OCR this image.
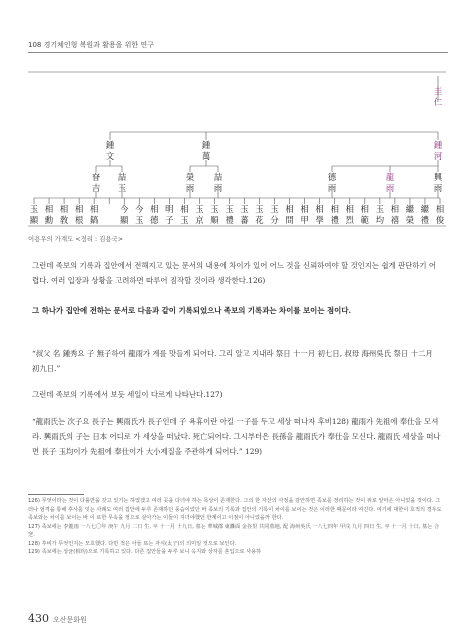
108 경기체인형 복원과 활용을 위한 연구
圭
仁
鍾
文
鍾
萬
鍾
河
眘
吉
喆
玉
榮
雨
喆
雨
德
雨
龍
雨
興
雨
玉
顯
相
勳
相
敎
相
根
相
鎬
今
顯
今
玉
相
德
明
子
相
玉
玉
京
玉
順
玉
禮
玉
蕃
玉
花
玉
分
相
問
相
甲
相
學
相
禮
相
烈
相
範
玉
均
相
禧
繼
榮
繼
禮
相
俊
이용우의 가계도 <정리 : 김용국>
그런데 족보의 기록과 집안에서 전해지고 있는 문서의 내용에 차이가 있어 어느 것을 신뢰하여야 할 것인지는 쉽게 판단하기 어렵다. 여러 입장과 상황을 고려하면 따루어 짐작할 것이라 생각한다.126)
그 하나가 집안에 전하는 문서로 다음과 같이 기록되었으나 족보의 기록과는 차이를 보이는 점이다.
“叔父 名 鍾秀요 子 無子하여 龍雨가 계를 맛들게 되어다. 그리 알고 지내라 祭日 十一月 初七日, 叔母 海州吳氏 祭日 十二月 初九日.”
그런데 족보의 기록에서 보듯 세일이 다르게 나타난다.127)
“龍雨氏는 次子요 長子는 興雨氏가 長子인데 子 욕휴이란 아킬 一子를 두고 세상 떠나자 후비128) 龍雨가 先祖에 奉仕을 모셔라. 興雨氏의 子는 日本 어디로 가 세상을 떠났다. 死亡되어다. 그시부터은 長孫을 龍雨氏가 奉仕을 모신다. 龍雨氏 세상을 떠나면 長子 玉均이가 先祖에 奉仕이가 大小제질을 주관하게 되어다.” 129)

126) 무엇이라는 것이 다룰만을 갖고 있기는 하였겠고 여러 곳을 다녀야 하는 목상이 존재한다. 그의 한 자산의 사정을 감안하면 족보를 정리하는 것이 위로 앞마은 아니었을 것이다. 그러나 엄격을 통해 후사를 잇는 사례도 여러 집안에 두루 존재하던 풍습이었던 바 족보의 기록과 집안의 기록이 차이를 보이는 것은 이러한 때문이라 여긴다. 여기에 대한이 호적의 경우도 족보와는 차이를 보이는 바 이 또한 무속을 정으로 살아가는 이들이 지녀야했던 한계이고 이점이 아니었을까 한다.

127) 족보에는 李龍雨 一八七〇年 庚午 九月 二日 生, 卒 十一月 十九日, 墓는 華城郡 東灘面 金谷里 共同墓地, 配 海州吳氏 一八七四年 甲戌 九月 四日 生, 卒 十一月 十日, 墓는 合窆.

128) 후비가 무엇인지는 모호했다. 다만 적은 아들 또는 자식(太子)의 의미일 것으로 보인다.

129) 족보에는 상균(相均)으로 기록하고 있다. 다른 집안들을 두루 보니 옥지와 상자를 혼입으로 사용하

430 오산문화원
